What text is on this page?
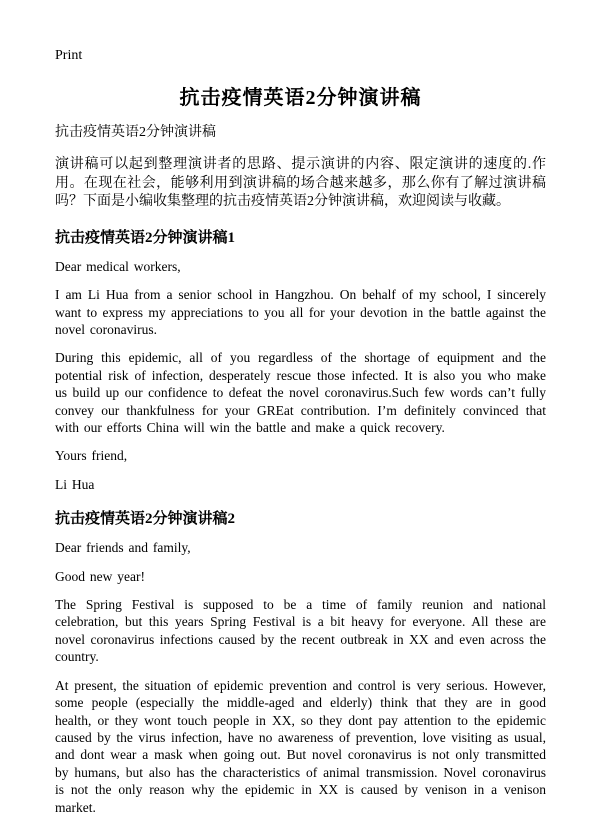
Print
抗击疫情英语2分钟演讲稿

抗击疫情英语2分钟演讲稿

演讲稿可以起到整理演讲者的思路、提示演讲的内容、限定演讲的速度的.作用。在现在社会，能够利用到演讲稿的场合越来越多，那么你有了解过演讲稿吗？下面是小编收集整理的抗击疫情英语2分钟演讲稿，欢迎阅读与收藏。

抗击疫情英语2分钟演讲稿1

Dear medical workers,

I am Li Hua from a senior school in Hangzhou. On behalf of my school, I sincerely want to express my appreciations to you all for your devotion in the battle against the novel coronavirus.

During this epidemic, all of you regardless of the shortage of equipment and the potential risk of infection, desperately rescue those infected. It is also you who make us build up our confidence to defeat the novel coronavirus.Such few words can’t fully convey our thankfulness for your GREat contribution. I’m definitely convinced that with our efforts China will win the battle and make a quick recovery.

Yours friend,

Li Hua

抗击疫情英语2分钟演讲稿2

Dear friends and family,

Good new year!

The Spring Festival is supposed to be a time of family reunion and national celebration, but this years Spring Festival is a bit heavy for everyone. All these are novel coronavirus infections caused by the recent outbreak in XX and even across the country.

At present, the situation of epidemic prevention and control is very serious. However, some people (especially the middle-aged and elderly) think that they are in good health, or they wont touch people in XX, so they dont pay attention to the epidemic caused by the virus infection, have no awareness of prevention, love visiting as usual, and dont wear a mask when going out. But novel coronavirus is not only transmitted by humans, but also has the characteristics of animal transmission. Novel coronavirus is not the only reason why the epidemic in XX is caused by venison in a venison market.
